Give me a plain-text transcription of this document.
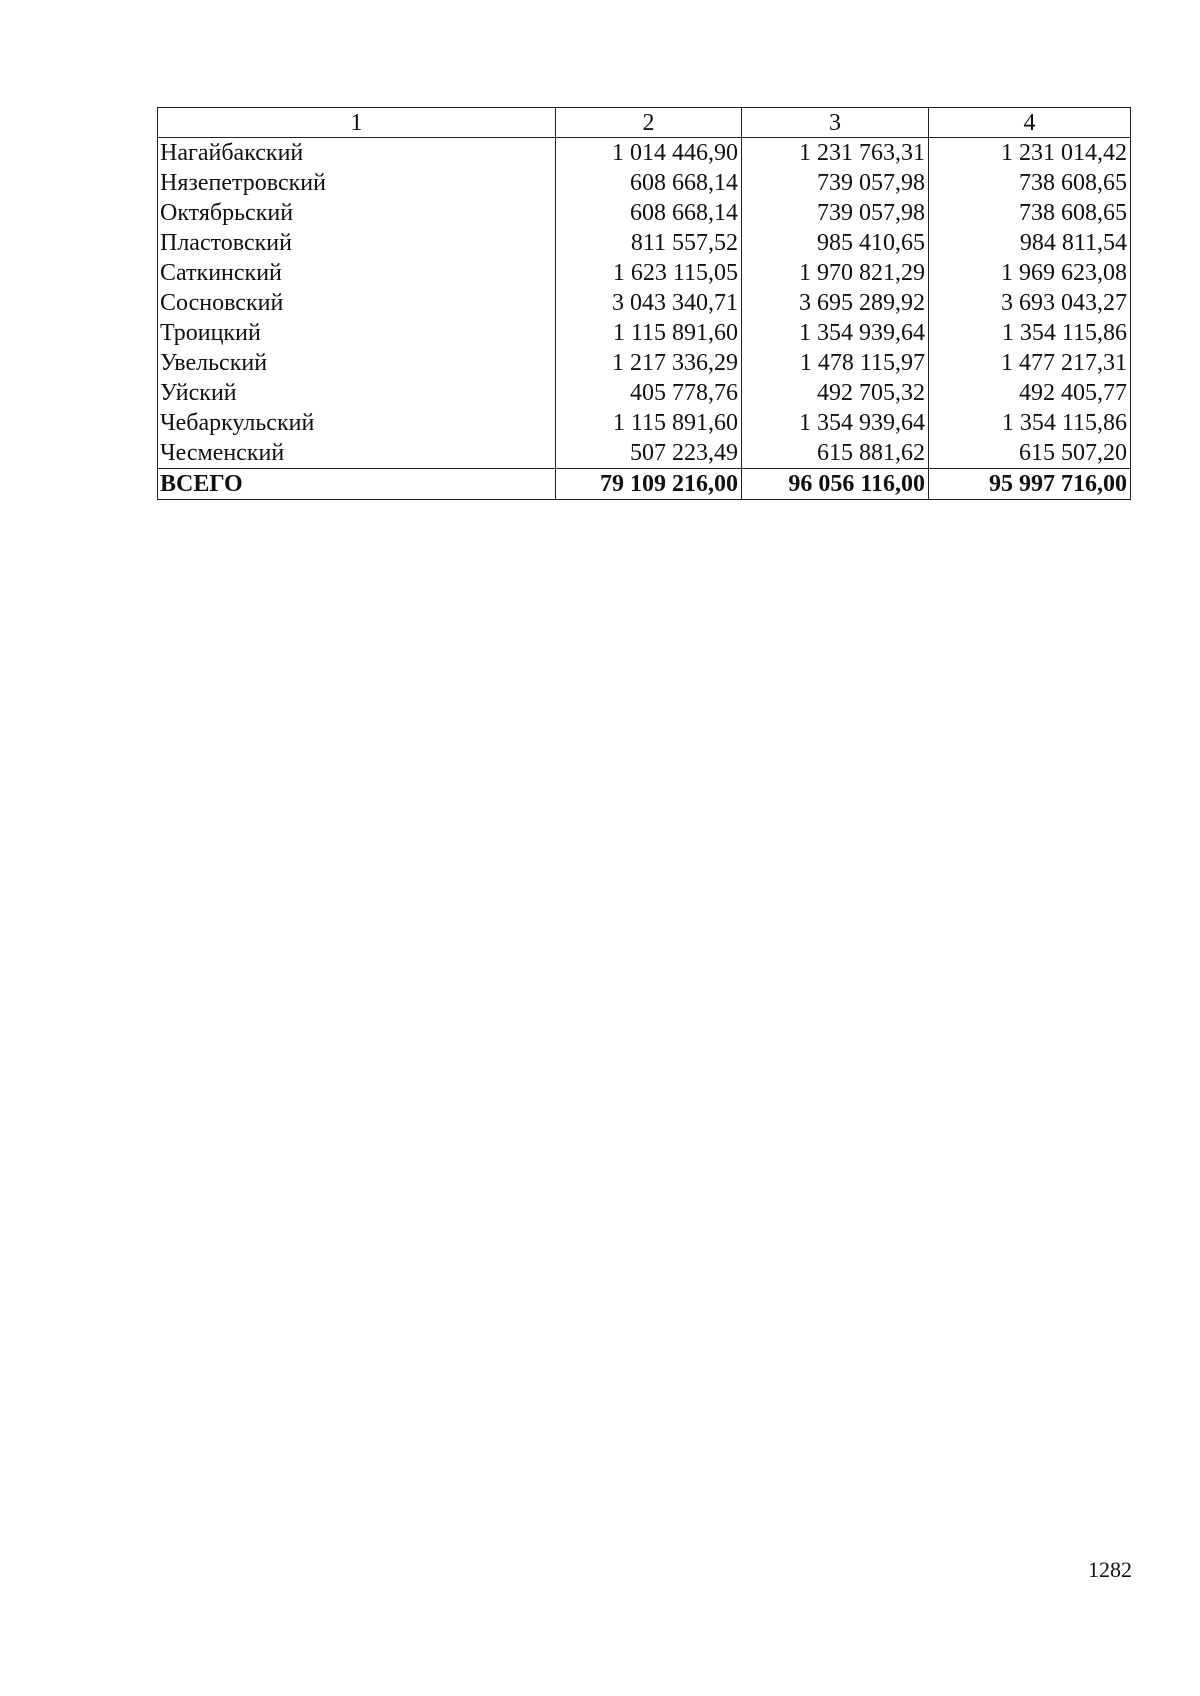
1	2	3	4
Нагайбакский	1 014 446,90	1 231 763,31	1 231 014,42
Нязепетровский	608 668,14	739 057,98	738 608,65
Октябрьский	608 668,14	739 057,98	738 608,65
Пластовский	811 557,52	985 410,65	984 811,54
Саткинский	1 623 115,05	1 970 821,29	1 969 623,08
Сосновский	3 043 340,71	3 695 289,92	3 693 043,27
Троицкий	1 115 891,60	1 354 939,64	1 354 115,86
Увельский	1 217 336,29	1 478 115,97	1 477 217,31
Уйский	405 778,76	492 705,32	492 405,77
Чебаркульский	1 115 891,60	1 354 939,64	1 354 115,86
Чесменский	507 223,49	615 881,62	615 507,20
ВСЕГО	79 109 216,00	96 056 116,00	95 997 716,00
1282
